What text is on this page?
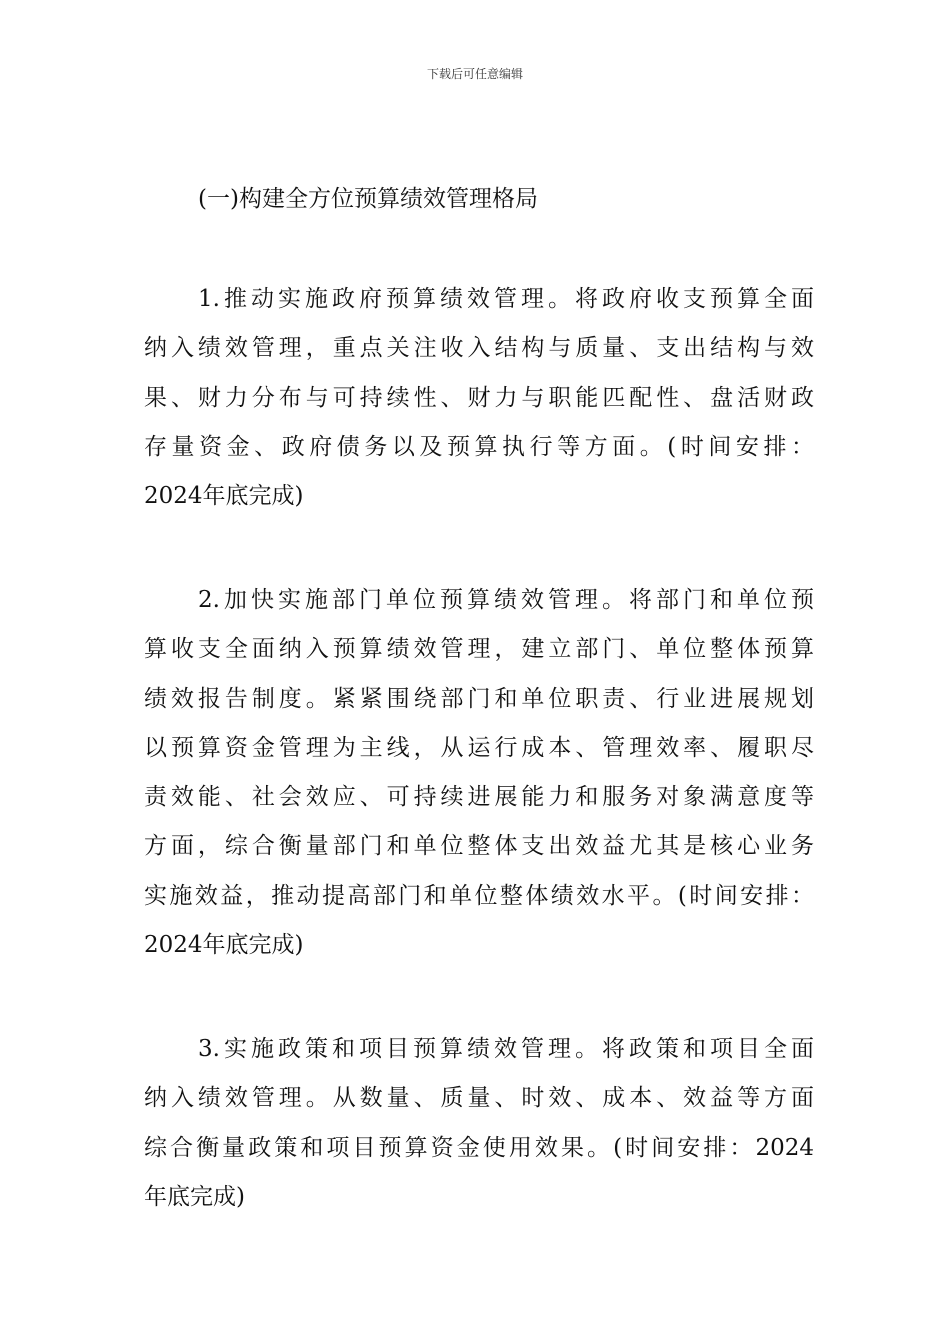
下载后可任意编辑
(一)构建全方位预算绩效管理格局
1.推动实施政府预算绩效管理。将政府收支预算全面
纳入绩效管理，重点关注收入结构与质量、支出结构与效
果、财力分布与可持续性、财力与职能匹配性、盘活财政
存量资金、政府债务以及预算执行等方面。(时间安排：
2024年底完成)
2.加快实施部门单位预算绩效管理。将部门和单位预
算收支全面纳入预算绩效管理，建立部门、单位整体预算
绩效报告制度。紧紧围绕部门和单位职责、行业进展规划
以预算资金管理为主线，从运行成本、管理效率、履职尽
责效能、社会效应、可持续进展能力和服务对象满意度等
方面，综合衡量部门和单位整体支出效益尤其是核心业务
实施效益，推动提高部门和单位整体绩效水平。(时间安排：
2024年底完成)
3.实施政策和项目预算绩效管理。将政策和项目全面
纳入绩效管理。从数量、质量、时效、成本、效益等方面
综合衡量政策和项目预算资金使用效果。(时间安排：2024
年底完成)
